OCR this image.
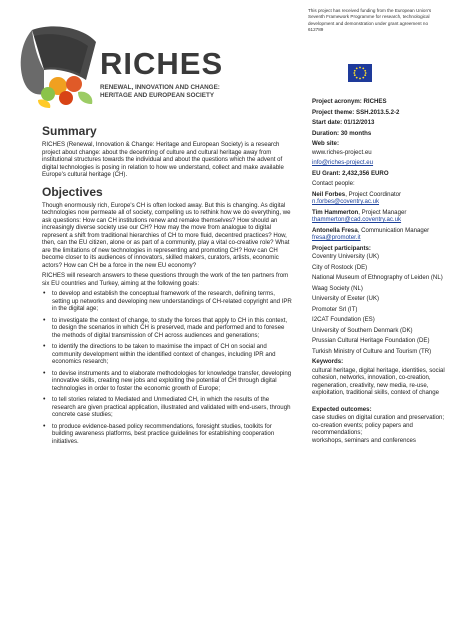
RICHES
RENEWAL, INNOVATION AND CHANGE:
HERITAGE AND EUROPEAN SOCIETY
This project has received funding from the European Union's Seventh Framework Programme for research, technological development and demonstration under grant agreement no 612789
Project acronym: RICHES
Project theme: SSH.2013.5.2-2
Start date: 01/12/2013
Duration: 30 months
Web site:
www.riches-project.eu
info@riches-project.eu
EU Grant: 2,432,356 EURO
Contact people:
Neil Forbes, Project Coordinator
n.forbes@coventry.ac.uk
Tim Hammerton, Project Manager
thammerton@cad.coventry.ac.uk
Antonella Fresa, Communication Manager fresa@promoter.it
Project participants:
Coventry University (UK)
City of Rostock (DE)
National Museum of Ethnography of Leiden (NL)
Waag Society (NL)
University of Exeter (UK)
Promoter Srl (IT)
I2CAT Foundation (ES)
University of Southern Denmark (DK)
Prussian Cultural Heritage Foundation (DE)
Turkish Ministry of Culture and Tourism (TR)
Keywords:
cultural heritage, digital heritage, identities, social cohesion, networks, innovation, co-creation, regeneration, creativity, new media, re-use, exploitation, traditional skills, context of change
Expected outcomes:
case studies on digital curation and preservation; co-creation events; policy papers and recommendations;
workshops, seminars and conferences
Summary
RICHES (Renewal, Innovation & Change: Heritage and European Society) is a research project about change: about the decentring of culture and cultural heritage away from institutional structures towards the individual and about the questions which the advent of digital technologies is posing in relation to how we understand, collect and make available Europe's cultural heritage (CH).
Objectives
Though enormously rich, Europe's CH is often locked away. But this is changing. As digital technologies now permeate all of society, compelling us to rethink how we do everything, we ask questions: How can CH institutions renew and remake themselves? How should an increasingly diverse society use our CH? How may the move from analogue to digital represent a shift from traditional hierarchies of CH to more fluid, decentred practices? How, then, can the EU citizen, alone or as part of a community, play a vital co-creative role? What are the limitations of new technologies in representing and promoting CH? How can CH become closer to its audiences of innovators, skilled makers, curators, artists, economic actors? How can CH be a force in the new EU economy?
RICHES will research answers to these questions through the work of the ten partners from six EU countries and Turkey, aiming at the following goals:
• to develop and establish the conceptual framework of the research, defining terms, setting up networks and developing new understandings of CH-related copyright and IPR in the digital age;
• to investigate the context of change, to study the forces that apply to CH in this context, to design the scenarios in which CH is preserved, made and performed and to foresee the methods of digital transmission of CH across audiences and generations;
• to identify the directions to be taken to maximise the impact of CH on social and community development within the identified context of changes, including IPR and economics research;
• to devise instruments and to elaborate methodologies for knowledge transfer, developing innovative skills, creating new jobs and exploiting the potential of CH through digital technologies in order to foster the economic growth of Europe;
• to tell stories related to Mediated and Unmediated CH, in which the results of the research are given practical application, illustrated and validated with end-users, through concrete case studies;
• to produce evidence-based policy recommendations, foresight studies, toolkits for building awareness platforms, best practice guidelines for establishing cooperation initiatives.
